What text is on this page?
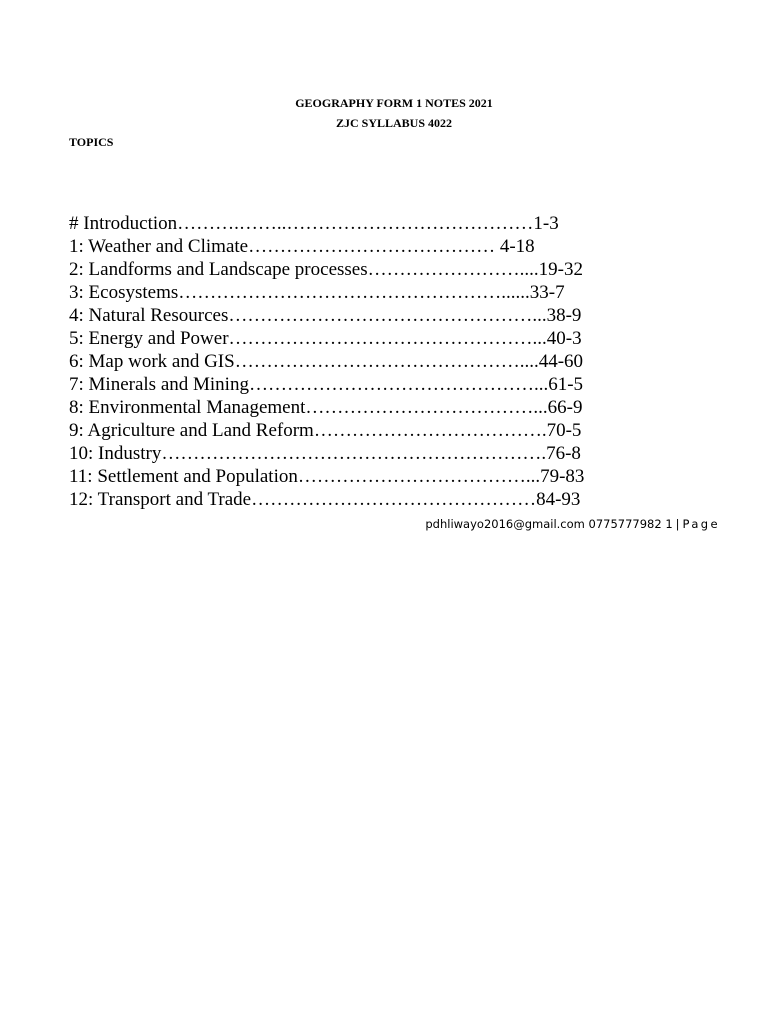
GEOGRAPHY FORM 1 NOTES 2021
ZJC SYLLABUS 4022
TOPICS
# Introduction……….……..…………………………………1-3
1: Weather and Climate………………………………… 4-18
2: Landforms and Landscape processes……………………....19-32
3: Ecosystems……………………………………………......33-7
4: Natural Resources…………………………………………...38-9
5: Energy and Power…………………………………………...40-3
6: Map work and GIS………………………………………....44-60
7: Minerals and Mining………………………………………...61-5
8: Environmental Management………………………………...66-9
9: Agriculture and Land Reform……………………………….70-5
10: Industry…………………………………………………….76-8
11: Settlement and Population………………………………...79-83
12: Transport and Trade………………………………………84-93
pdhliwayo2016@gmail.com 0775777982 1 | Page
